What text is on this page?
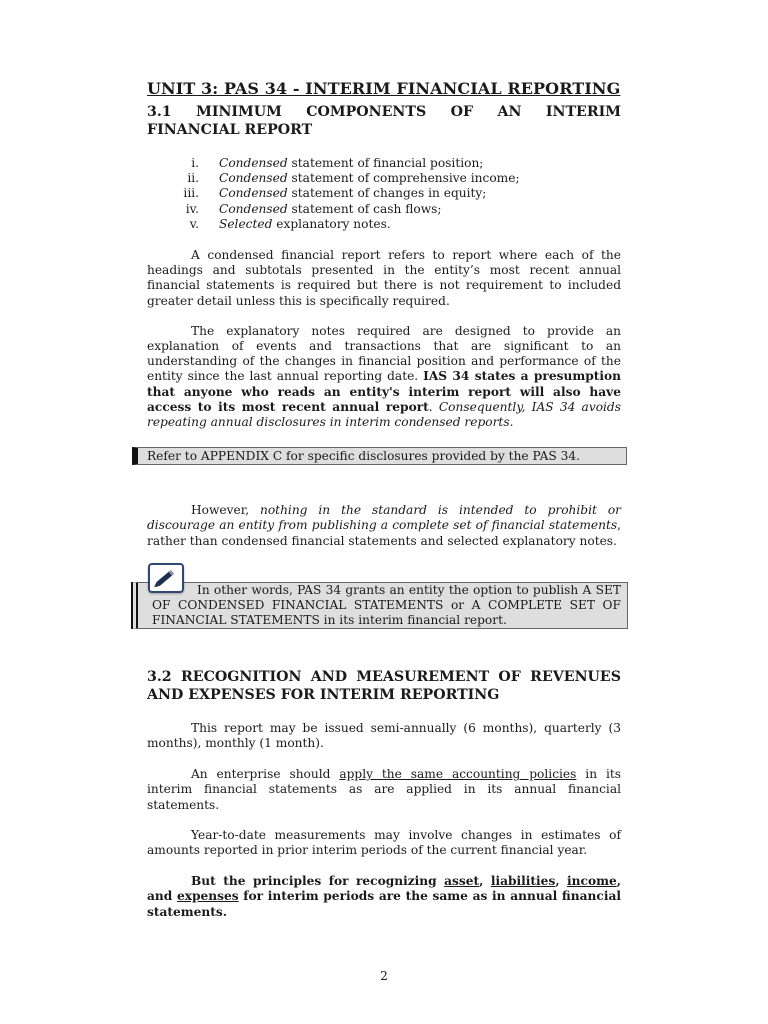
UNIT 3: PAS 34 - INTERIM FINANCIAL REPORTING
3.1 MINIMUM COMPONENTS OF AN INTERIM FINANCIAL REPORT
i.	Condensed statement of financial position;
ii.	Condensed statement of comprehensive income;
iii.	Condensed statement of changes in equity;
iv.	Condensed statement of cash flows;
v.	Selected explanatory notes.

A condensed financial report refers to report where each of the headings and subtotals presented in the entity’s most recent annual financial statements is required but there is not requirement to included greater detail unless this is specifically required.

The explanatory notes required are designed to provide an explanation of events and transactions that are significant to an understanding of the changes in financial position and performance of the entity since the last annual reporting date. IAS 34 states a presumption that anyone who reads an entity's interim report will also have access to its most recent annual report. Consequently, IAS 34 avoids repeating annual disclosures in interim condensed reports.

However, nothing in the standard is intended to prohibit or discourage an entity from publishing a complete set of financial statements, rather than condensed financial statements and selected explanatory notes.

3.2 RECOGNITION AND MEASUREMENT OF REVENUES AND EXPENSES FOR INTERIM REPORTING

This report may be issued semi-annually (6 months), quarterly (3 months), monthly (1 month).

An enterprise should apply the same accounting policies in its interim financial statements as are applied in its annual financial statements.

Year-to-date measurements may involve changes in estimates of amounts reported in prior interim periods of the current financial year.

But the principles for recognizing asset, liabilities, income, and expenses for interim periods are the same as in annual financial statements.

Refer to APPENDIX C for specific disclosures provided by the PAS 34.
In other words, PAS 34 grants an entity the option to publish A SET OF CONDENSED FINANCIAL STATEMENTS or A COMPLETE SET OF FINANCIAL STATEMENTS in its interim financial report.
2
